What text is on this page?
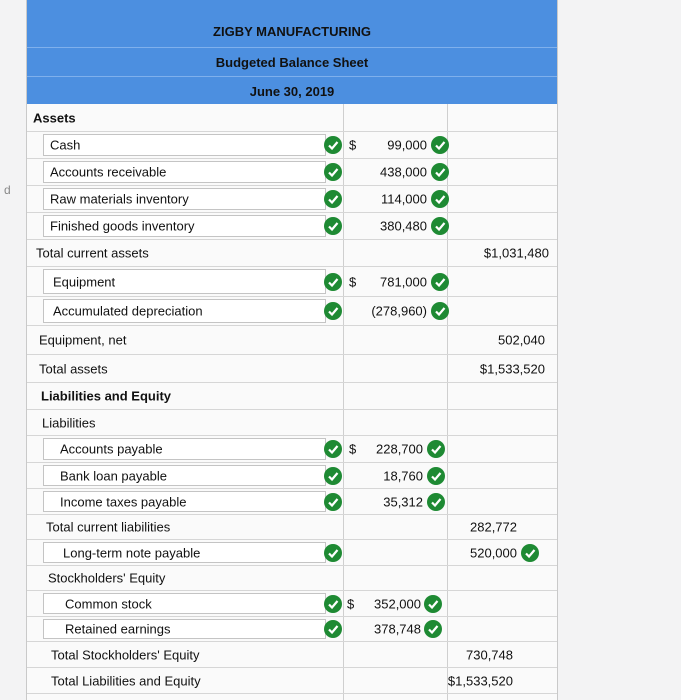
d
ZIGBY MANUFACTURING
Budgeted Balance Sheet
June 30, 2019
Assets
Cash	$ 99,000
Accounts receivable	438,000
Raw materials inventory	114,000
Finished goods inventory	380,480
Total current assets	$1,031,480
Equipment	$ 781,000
Accumulated depreciation	(278,960)
Equipment, net	502,040
Total assets	$1,533,520
Liabilities and Equity
Liabilities
Accounts payable	$ 228,700
Bank loan payable	18,760
Income taxes payable	35,312
Total current liabilities	282,772
Long-term note payable	520,000
Stockholders' Equity
Common stock	$ 352,000
Retained earnings	378,748
Total Stockholders' Equity	730,748
Total Liabilities and Equity	$1,533,520
